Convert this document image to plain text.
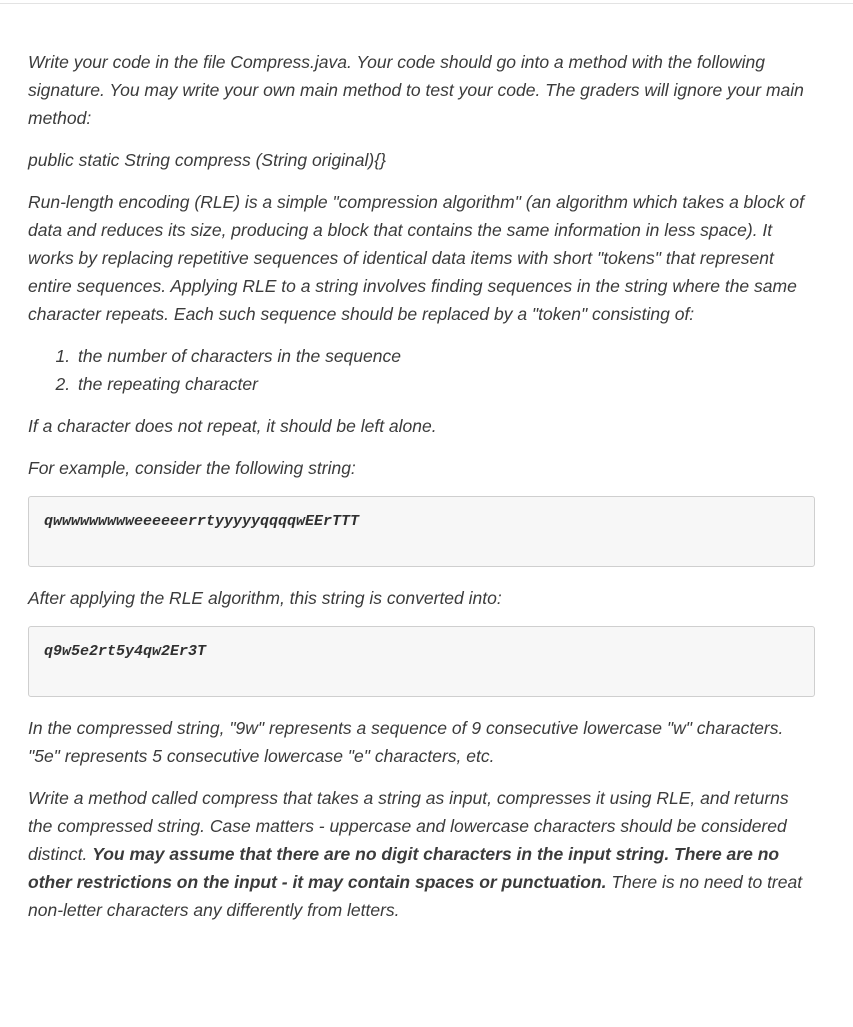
Write your code in the file Compress.java. Your code should go into a method with the following signature. You may write your own main method to test your code. The graders will ignore your main method:

public static String compress (String original){}

Run-length encoding (RLE) is a simple "compression algorithm" (an algorithm which takes a block of data and reduces its size, producing a block that contains the same information in less space). It works by replacing repetitive sequences of identical data items with short "tokens" that represent entire sequences. Applying RLE to a string involves finding sequences in the string where the same character repeats. Each such sequence should be replaced by a "token" consisting of:

1. the number of characters in the sequence
2. the repeating character

If a character does not repeat, it should be left alone.

For example, consider the following string:

qwwwwwwwwweeeeeerrtyyyyyqqqqwEErTTT

After applying the RLE algorithm, this string is converted into:

q9w5e2rt5y4qw2Er3T

In the compressed string, "9w" represents a sequence of 9 consecutive lowercase "w" characters. "5e" represents 5 consecutive lowercase "e" characters, etc.

Write a method called compress that takes a string as input, compresses it using RLE, and returns the compressed string. Case matters - uppercase and lowercase characters should be considered distinct. You may assume that there are no digit characters in the input string. There are no other restrictions on the input - it may contain spaces or punctuation. There is no need to treat non-letter characters any differently from letters.
